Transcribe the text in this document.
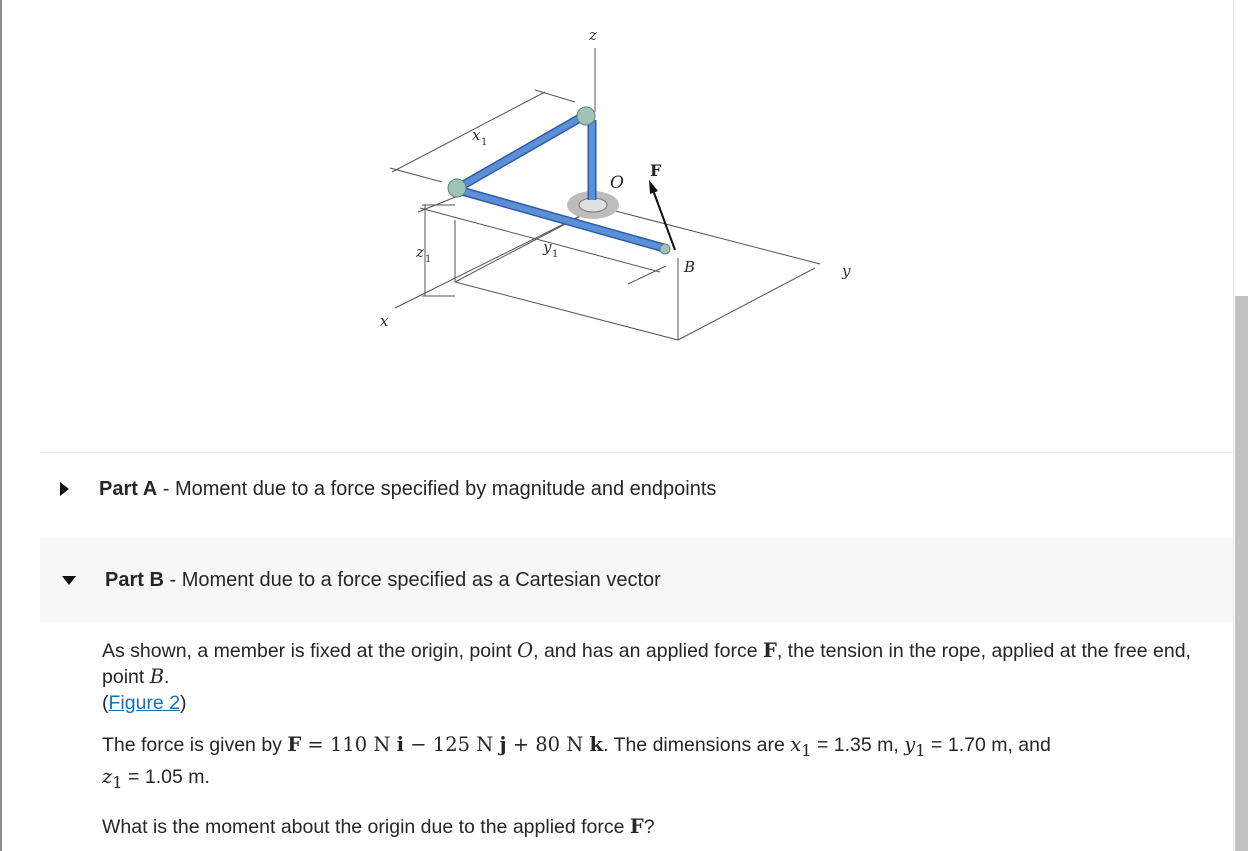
z
x
y
x 1
y 1
z 1
O
F
B
Part A - Moment due to a force specified by magnitude and endpoints
Part B - Moment due to a force specified as a Cartesian vector

As shown, a member is fixed at the origin, point O, and has an applied force F, the tension in the rope, applied at the free end, point B.
(Figure 2)

The force is given by F = 110 N i − 125 N j + 80 N k. The dimensions are $x_1 = 1.35$ m, $y_1 = 1.70$ m, and
$z_1 = 1.05$ m.

What is the moment about the origin due to the applied force F?
